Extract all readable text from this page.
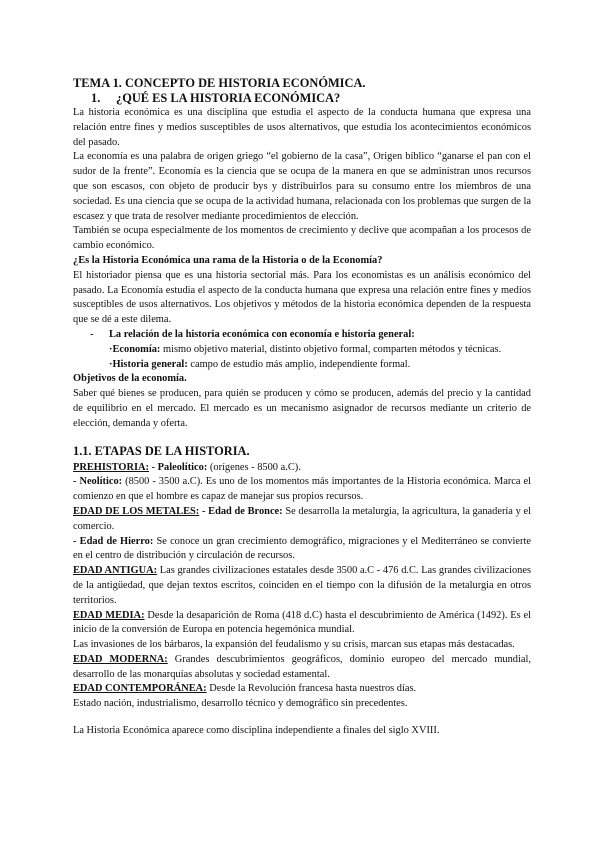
TEMA 1. CONCEPTO DE HISTORIA ECONÓMICA.
1. ¿QUÉ ES LA HISTORIA ECONÓMICA?

La historia económica es una disciplina que estudia el aspecto de la conducta humana que expresa una relación entre fines y medios susceptibles de usos alternativos, que estudia los acontecimientos económicos del pasado.

La economía es una palabra de origen griego “el gobierno de la casa”, Origen bíblico “ganarse el pan con el sudor de la frente”. Economía es la ciencia que se ocupa de la manera en que se administran unos recursos que son escasos, con objeto de producir bys y distribuirlos para su consumo entre los miembros de una sociedad. Es una ciencia que se ocupa de la actividad humana, relacionada con los problemas que surgen de la escasez y que trata de resolver mediante procedimientos de elección.

También se ocupa especialmente de los momentos de crecimiento y declive que acompañan a los procesos de cambio económico.

¿Es la Historia Económica una rama de la Historia o de la Economía?

El historiador piensa que es una historia sectorial más. Para los economistas es un análisis económico del pasado. La Economía estudia el aspecto de la conducta humana que expresa una relación entre fines y medios susceptibles de usos alternativos. Los objetivos y métodos de la historia económica dependen de la respuesta que se dé a este dilema.

- La relación de la historia económica con economía e historia general:

·Economía: mismo objetivo material, distinto objetivo formal, comparten métodos y técnicas.

·Historia general: campo de estudio más amplio, independiente formal.

Objetivos de la economía.

Saber qué bienes se producen, para quién se producen y cómo se producen, además del precio y la cantidad de equilibrio en el mercado. El mercado es un mecanismo asignador de recursos mediante un criterio de elección, demanda y oferta.

1.1. ETAPAS DE LA HISTORIA.

PREHISTORIA: - Paleolítico: (orígenes - 8500 a.C).

- Neolítico: (8500 - 3500 a.C). Es uno de los momentos más importantes de la Historia económica. Marca el comienzo en que el hombre es capaz de manejar sus propios recursos.

EDAD DE LOS METALES: - Edad de Bronce: Se desarrolla la metalurgia, la agricultura, la ganadería y el comercio.

- Edad de Hierro: Se conoce un gran crecimiento demográfico, migraciones y el Mediterráneo se convierte en el centro de distribución y circulación de recursos.

EDAD ANTIGUA: Las grandes civilizaciones estatales desde 3500 a.C - 476 d.C. Las grandes civilizaciones de la antigüedad, que dejan textos escritos, coinciden en el tiempo con la difusión de la metalurgia en otros territorios.

EDAD MEDIA: Desde la desaparición de Roma (418 d.C) hasta el descubrimiento de América (1492). Es el inicio de la conversión de Europa en potencia hegemónica mundial.

Las invasiones de los bárbaros, la expansión del feudalismo y su crisis, marcan sus etapas más destacadas.

EDAD MODERNA: Grandes descubrimientos geográficos, dominio europeo del mercado mundial, desarrollo de las monarquías absolutas y sociedad estamental.

EDAD CONTEMPORÁNEA: Desde la Revolución francesa hasta nuestros días.

Estado nación, industrialismo, desarrollo técnico y demográfico sin precedentes.

La Historia Económica aparece como disciplina independiente a finales del siglo XVIII.
